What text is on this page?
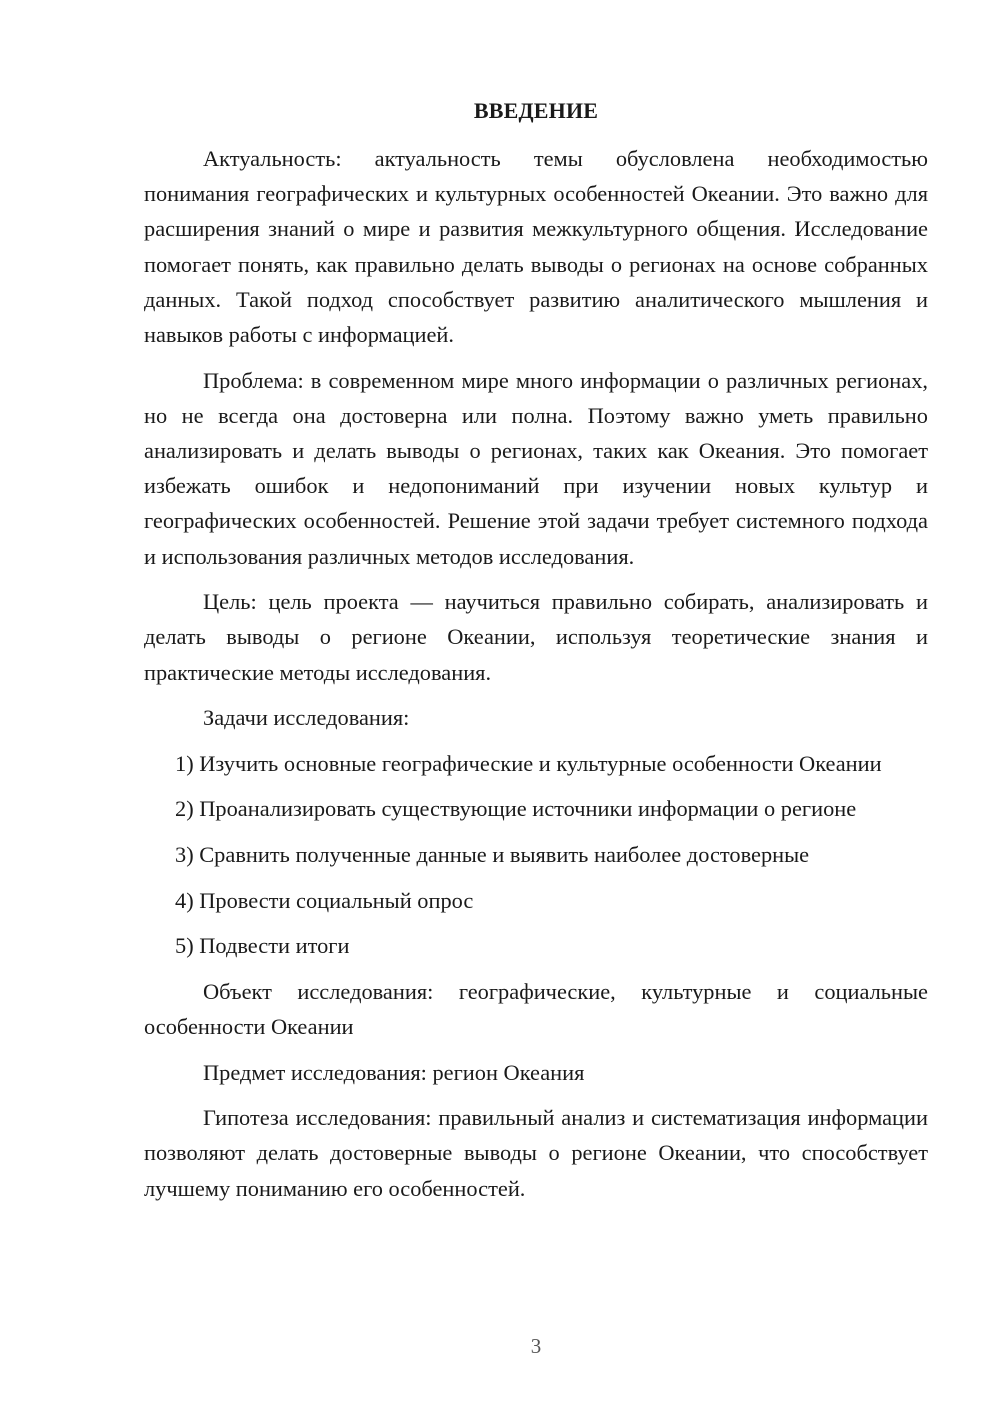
ВВЕДЕНИЕ

Актуальность: актуальность темы обусловлена необходимостью понимания географических и культурных особенностей Океании. Это важно для расширения знаний о мире и развития межкультурного общения. Исследование помогает понять, как правильно делать выводы о регионах на основе собранных данных. Такой подход способствует развитию аналитического мышления и навыков работы с информацией.

Проблема: в современном мире много информации о различных регионах, но не всегда она достоверна или полна. Поэтому важно уметь правильно анализировать и делать выводы о регионах, таких как Океания. Это помогает избежать ошибок и недопониманий при изучении новых культур и географических особенностей. Решение этой задачи требует системного подхода и использования различных методов исследования.

Цель: цель проекта — научиться правильно собирать, анализировать и делать выводы о регионе Океании, используя теоретические знания и практические методы исследования.

Задачи исследования:

1) Изучить основные географические и культурные особенности Океании

2) Проанализировать существующие источники информации о регионе

3) Сравнить полученные данные и выявить наиболее достоверные

4) Провести социальный опрос

5) Подвести итоги

Объект исследования: географические, культурные и социальные особенности Океании

Предмет исследования: регион Океания

Гипотеза исследования: правильный анализ и систематизация информации позволяют делать достоверные выводы о регионе Океании, что способствует лучшему пониманию его особенностей.

3
